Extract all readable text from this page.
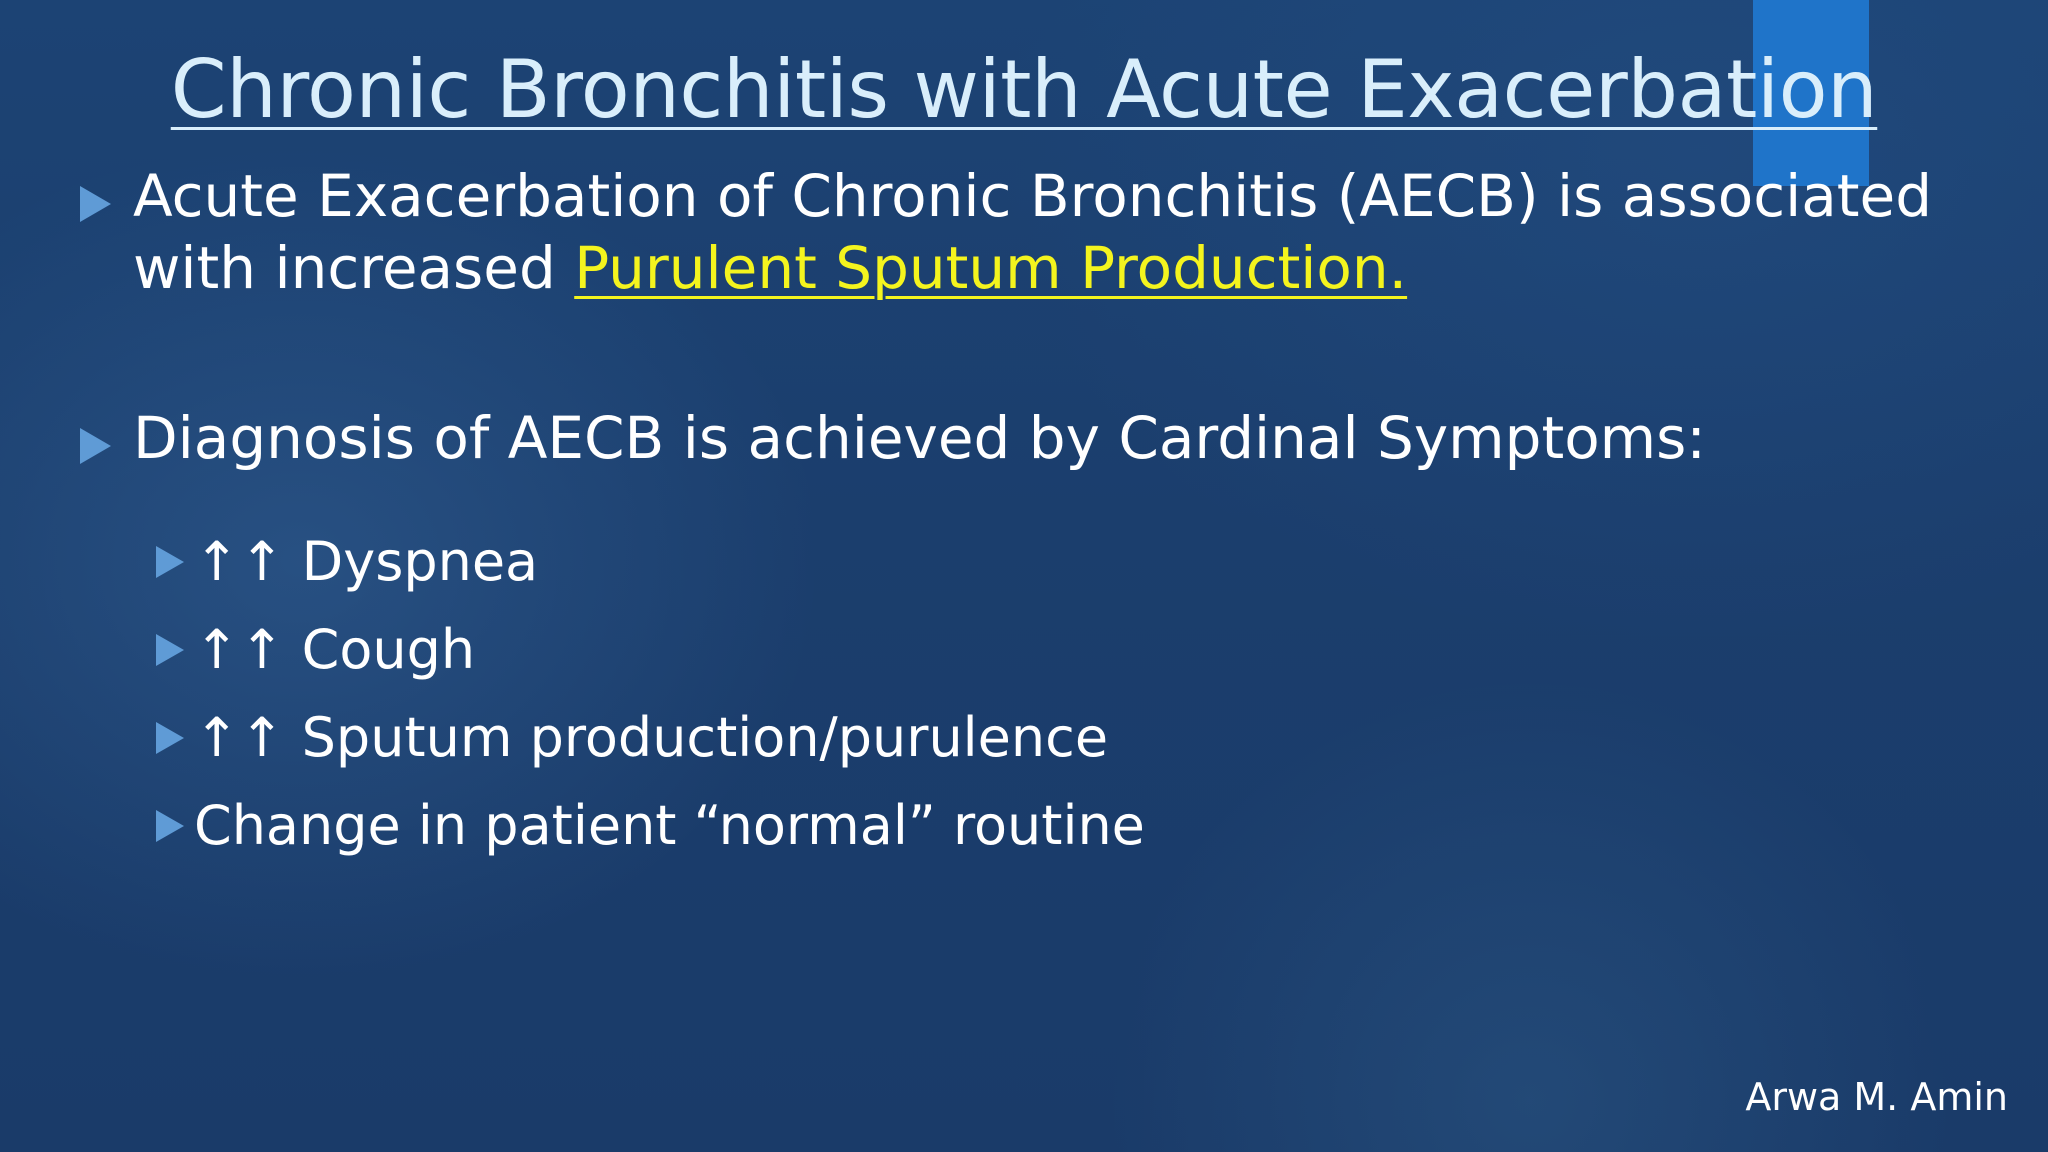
Chronic Bronchitis with Acute Exacerbation
Acute Exacerbation of Chronic Bronchitis (AECB) is associated with increased Purulent Sputum Production.
Diagnosis of AECB is achieved by Cardinal Symptoms:
↑↑ Dyspnea
↑↑ Cough
↑↑ Sputum production/purulence
Change in patient “normal” routine
Arwa M. Amin
